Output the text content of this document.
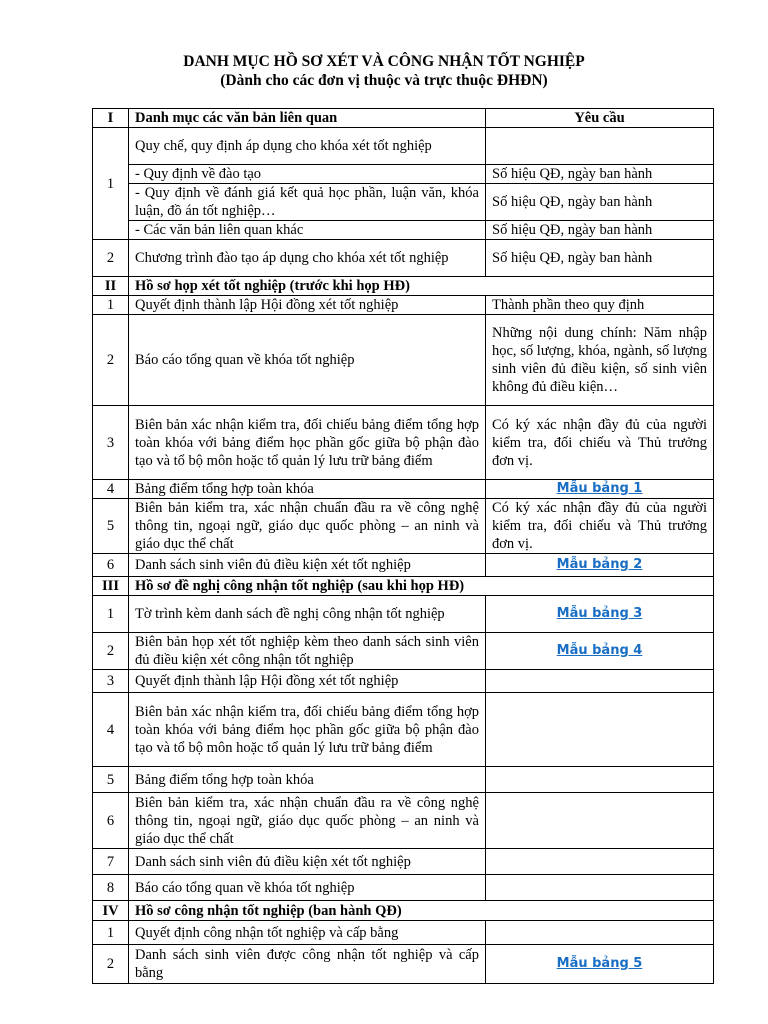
DANH MỤC HỒ SƠ XÉT VÀ CÔNG NHẬN TỐT NGHIỆP
(Dành cho các đơn vị thuộc và trực thuộc ĐHĐN)
I	Danh mục các văn bản liên quan	Yêu cầu
1	Quy chế, quy định áp dụng cho khóa xét tốt nghiệp	
	- Quy định về đào tạo	Số hiệu QĐ, ngày ban hành
	- Quy định về đánh giá kết quả học phần, luận văn, khóa luận, đồ án tốt nghiệp…	Số hiệu QĐ, ngày ban hành
	- Các văn bản liên quan khác	Số hiệu QĐ, ngày ban hành
2	Chương trình đào tạo áp dụng cho khóa xét tốt nghiệp	Số hiệu QĐ, ngày ban hành
II	Hồ sơ họp xét tốt nghiệp (trước khi họp HĐ)	
1	Quyết định thành lập Hội đồng xét tốt nghiệp	Thành phần theo quy định
2	Báo cáo tổng quan về khóa tốt nghiệp	Những nội dung chính: Năm nhập học, số lượng, khóa, ngành, số lượng sinh viên đủ điều kiện, số sinh viên không đủ điều kiện…
3	Biên bản xác nhận kiểm tra, đối chiếu bảng điểm tổng hợp toàn khóa với bảng điểm học phần gốc giữa bộ phận đào tạo và tổ bộ môn hoặc tổ quản lý lưu trữ bảng điểm	Có ký xác nhận đầy đủ của người kiểm tra, đối chiếu và Thủ trưởng đơn vị.
4	Bảng điểm tổng hợp toàn khóa	Mẫu bảng 1

5	Biên bản kiểm tra, xác nhận chuẩn đầu ra về công nghệ thông tin, ngoại ngữ, giáo dục quốc phòng – an ninh và giáo dục thể chất	Có ký xác nhận đầy đủ của người kiểm tra, đối chiếu và Thủ trưởng đơn vị.
6	Danh sách sinh viên đủ điều kiện xét tốt nghiệp	Mẫu bảng 2

III	Hồ sơ đề nghị công nhận tốt nghiệp (sau khi họp HĐ)	
1	Tờ trình kèm danh sách đề nghị công nhận tốt nghiệp	Mẫu bảng 3

2	Biên bản họp xét tốt nghiệp kèm theo danh sách sinh viên đủ điều kiện xét công nhận tốt nghiệp	Mẫu bảng 4

3	Quyết định thành lập Hội đồng xét tốt nghiệp	
4	Biên bản xác nhận kiểm tra, đối chiếu bảng điểm tổng hợp toàn khóa với bảng điểm học phần gốc giữa bộ phận đào tạo và tổ bộ môn hoặc tổ quản lý lưu trữ bảng điểm	
5	Bảng điểm tổng hợp toàn khóa	
6	Biên bản kiểm tra, xác nhận chuẩn đầu ra về công nghệ thông tin, ngoại ngữ, giáo dục quốc phòng – an ninh và giáo dục thể chất	
7	Danh sách sinh viên đủ điều kiện xét tốt nghiệp	
8	Báo cáo tổng quan về khóa tốt nghiệp	
IV	Hồ sơ công nhận tốt nghiệp (ban hành QĐ)	
1	Quyết định công nhận tốt nghiệp và cấp bằng	
2	Danh sách sinh viên được công nhận tốt nghiệp và cấp bằng	Mẫu bảng 5
